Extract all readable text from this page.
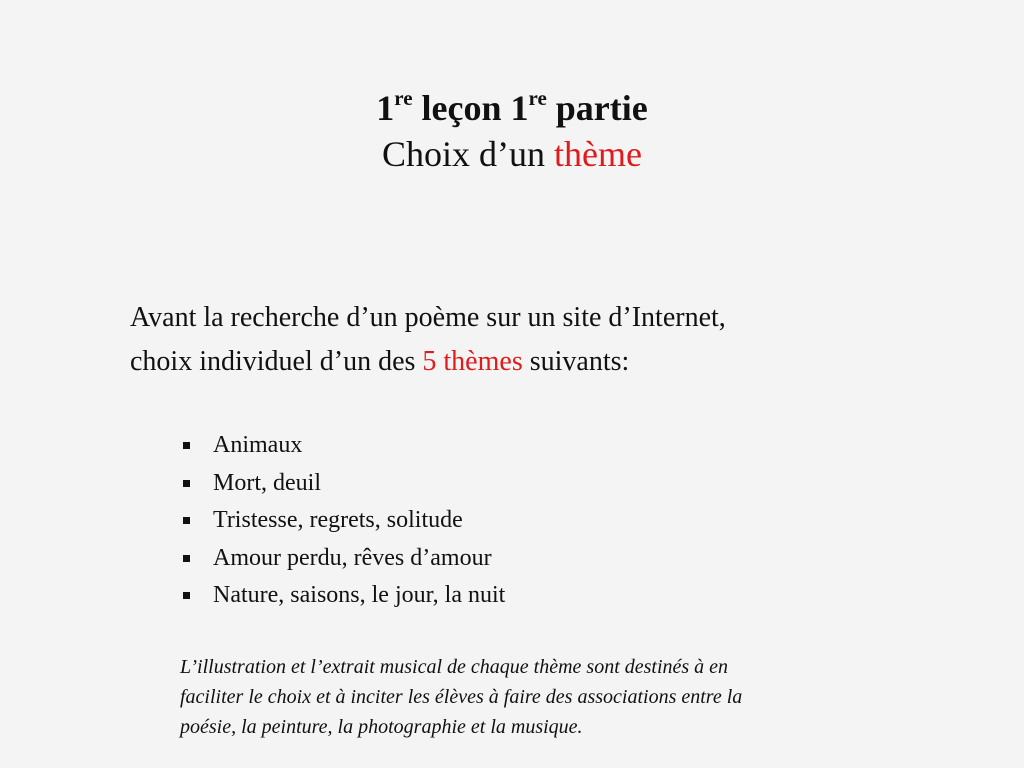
1re leçon 1re partie
Choix d’un thème

Avant la recherche d’un poème sur un site d’Internet,

choix individuel d’un des 5 thèmes suivants:

Animaux
Mort, deuil
Tristesse, regrets, solitude
Amour perdu, rêves d’amour
Nature, saisons, le jour, la nuit

L’illustration et l’extrait musical de chaque thème sont destinés à en

faciliter le choix et à inciter les élèves à faire des associations entre la

poésie, la peinture, la photographie et la musique.
